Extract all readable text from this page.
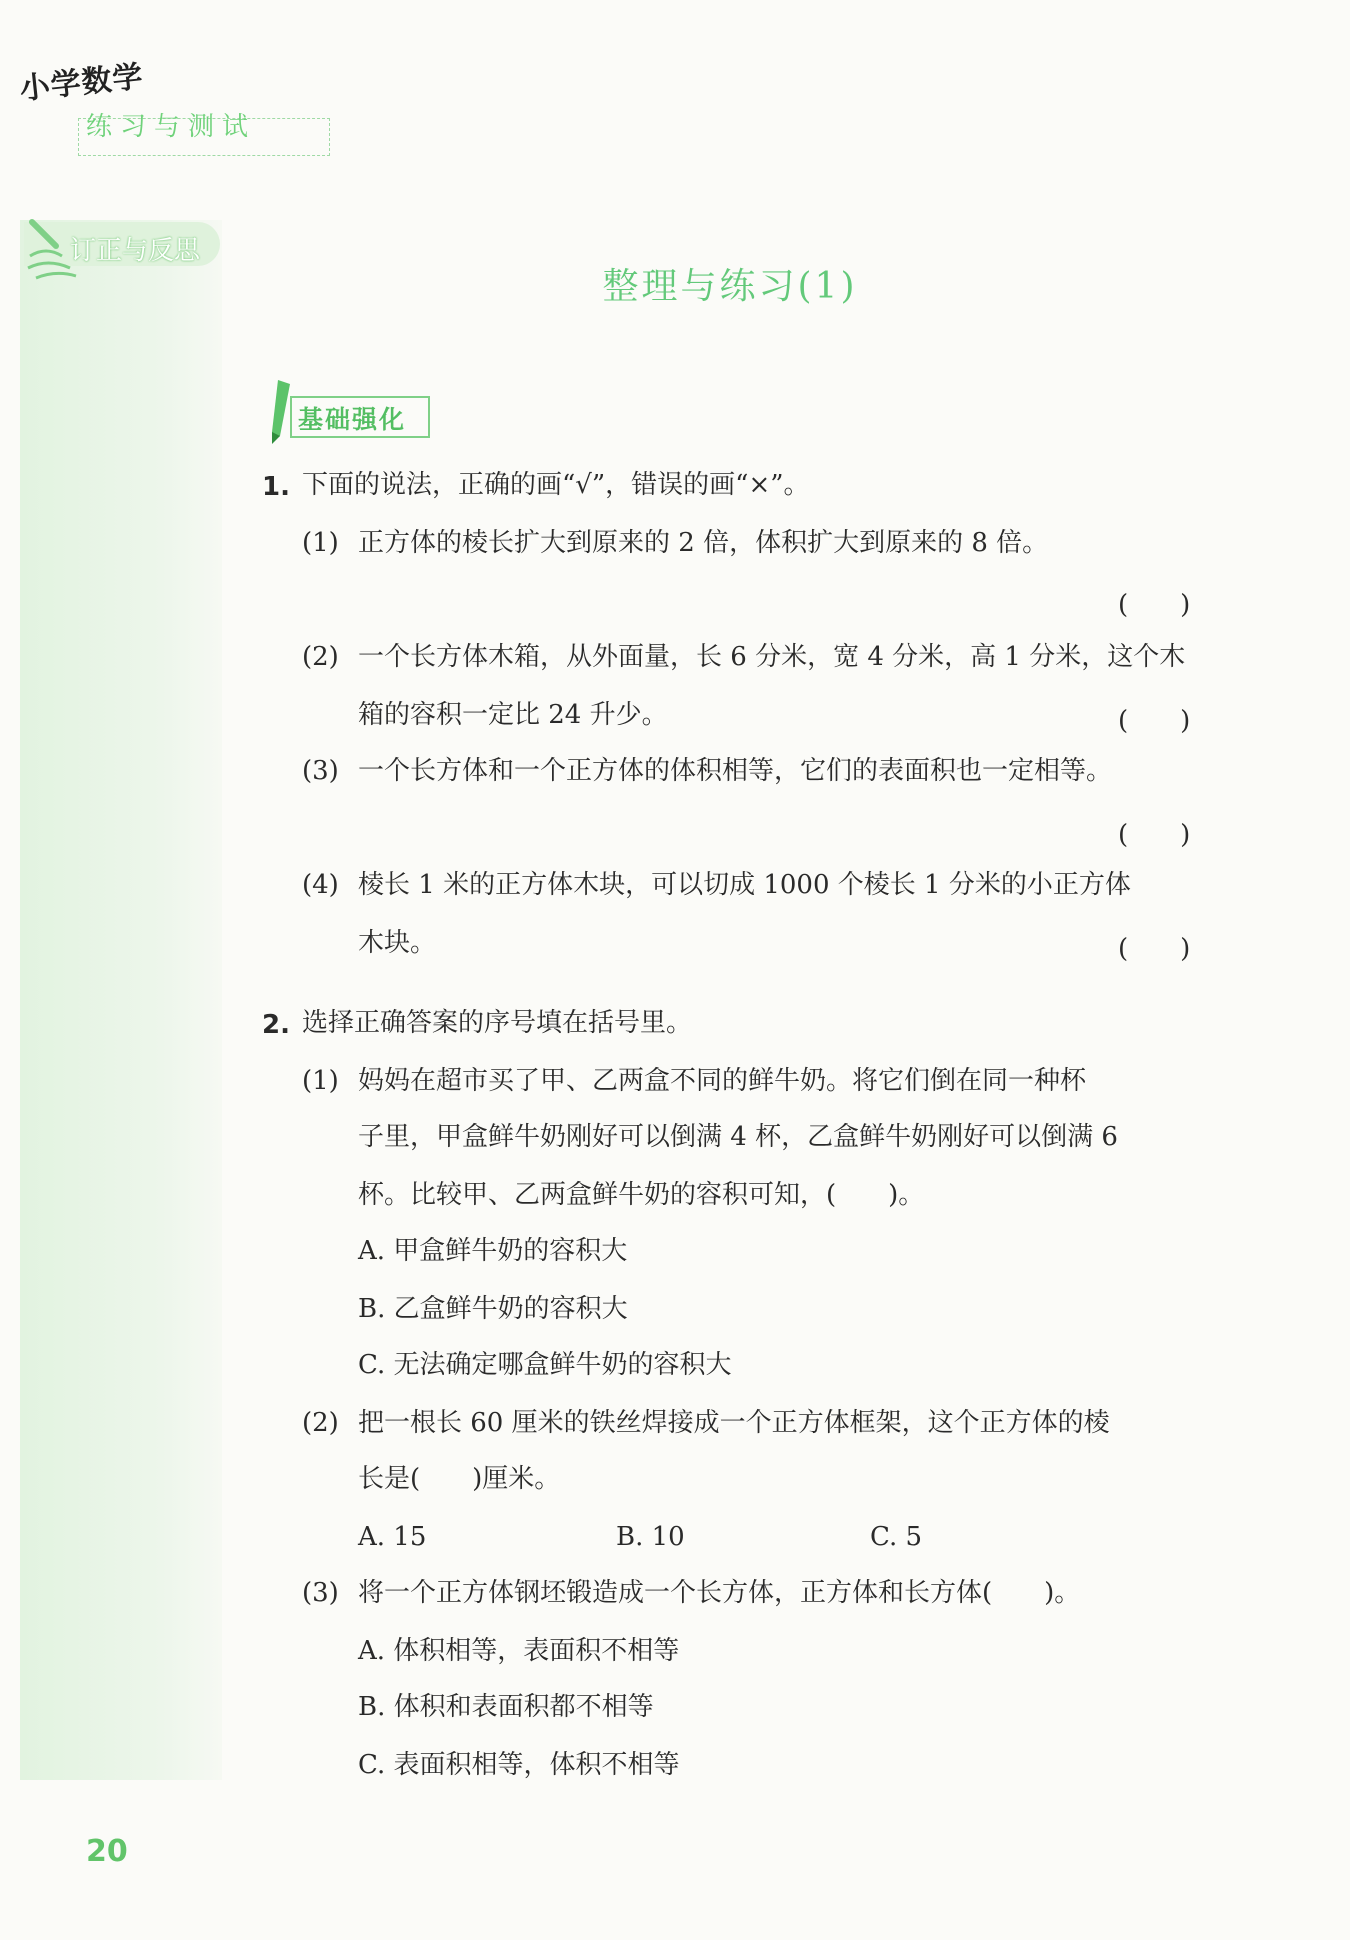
小学数学
练习与测试
订正与反思
整理与练习(1)
基础强化
1. 下面的说法，正确的画“√”，错误的画“×”。
(1) 正方体的棱长扩大到原来的 2 倍，体积扩大到原来的 8 倍。
(　　)
(2) 一个长方体木箱，从外面量，长 6 分米，宽 4 分米，高 1 分米，这个木
箱的容积一定比 24 升少。	(　　)
(3) 一个长方体和一个正方体的体积相等，它们的表面积也一定相等。
(　　)
(4) 棱长 1 米的正方体木块，可以切成 1000 个棱长 1 分米的小正方体
木块。	(　　)
2. 选择正确答案的序号填在括号里。
(1) 妈妈在超市买了甲、乙两盒不同的鲜牛奶。将它们倒在同一种杯
子里，甲盒鲜牛奶刚好可以倒满 4 杯，乙盒鲜牛奶刚好可以倒满 6
杯。比较甲、乙两盒鲜牛奶的容积可知，(　　)。
A. 甲盒鲜牛奶的容积大
B. 乙盒鲜牛奶的容积大
C. 无法确定哪盒鲜牛奶的容积大
(2) 把一根长 60 厘米的铁丝焊接成一个正方体框架，这个正方体的棱
长是(　　)厘米。
A. 15	B. 10	C. 5
(3) 将一个正方体钢坯锻造成一个长方体，正方体和长方体(　　)。
A. 体积相等，表面积不相等
B. 体积和表面积都不相等
C. 表面积相等，体积不相等
20
